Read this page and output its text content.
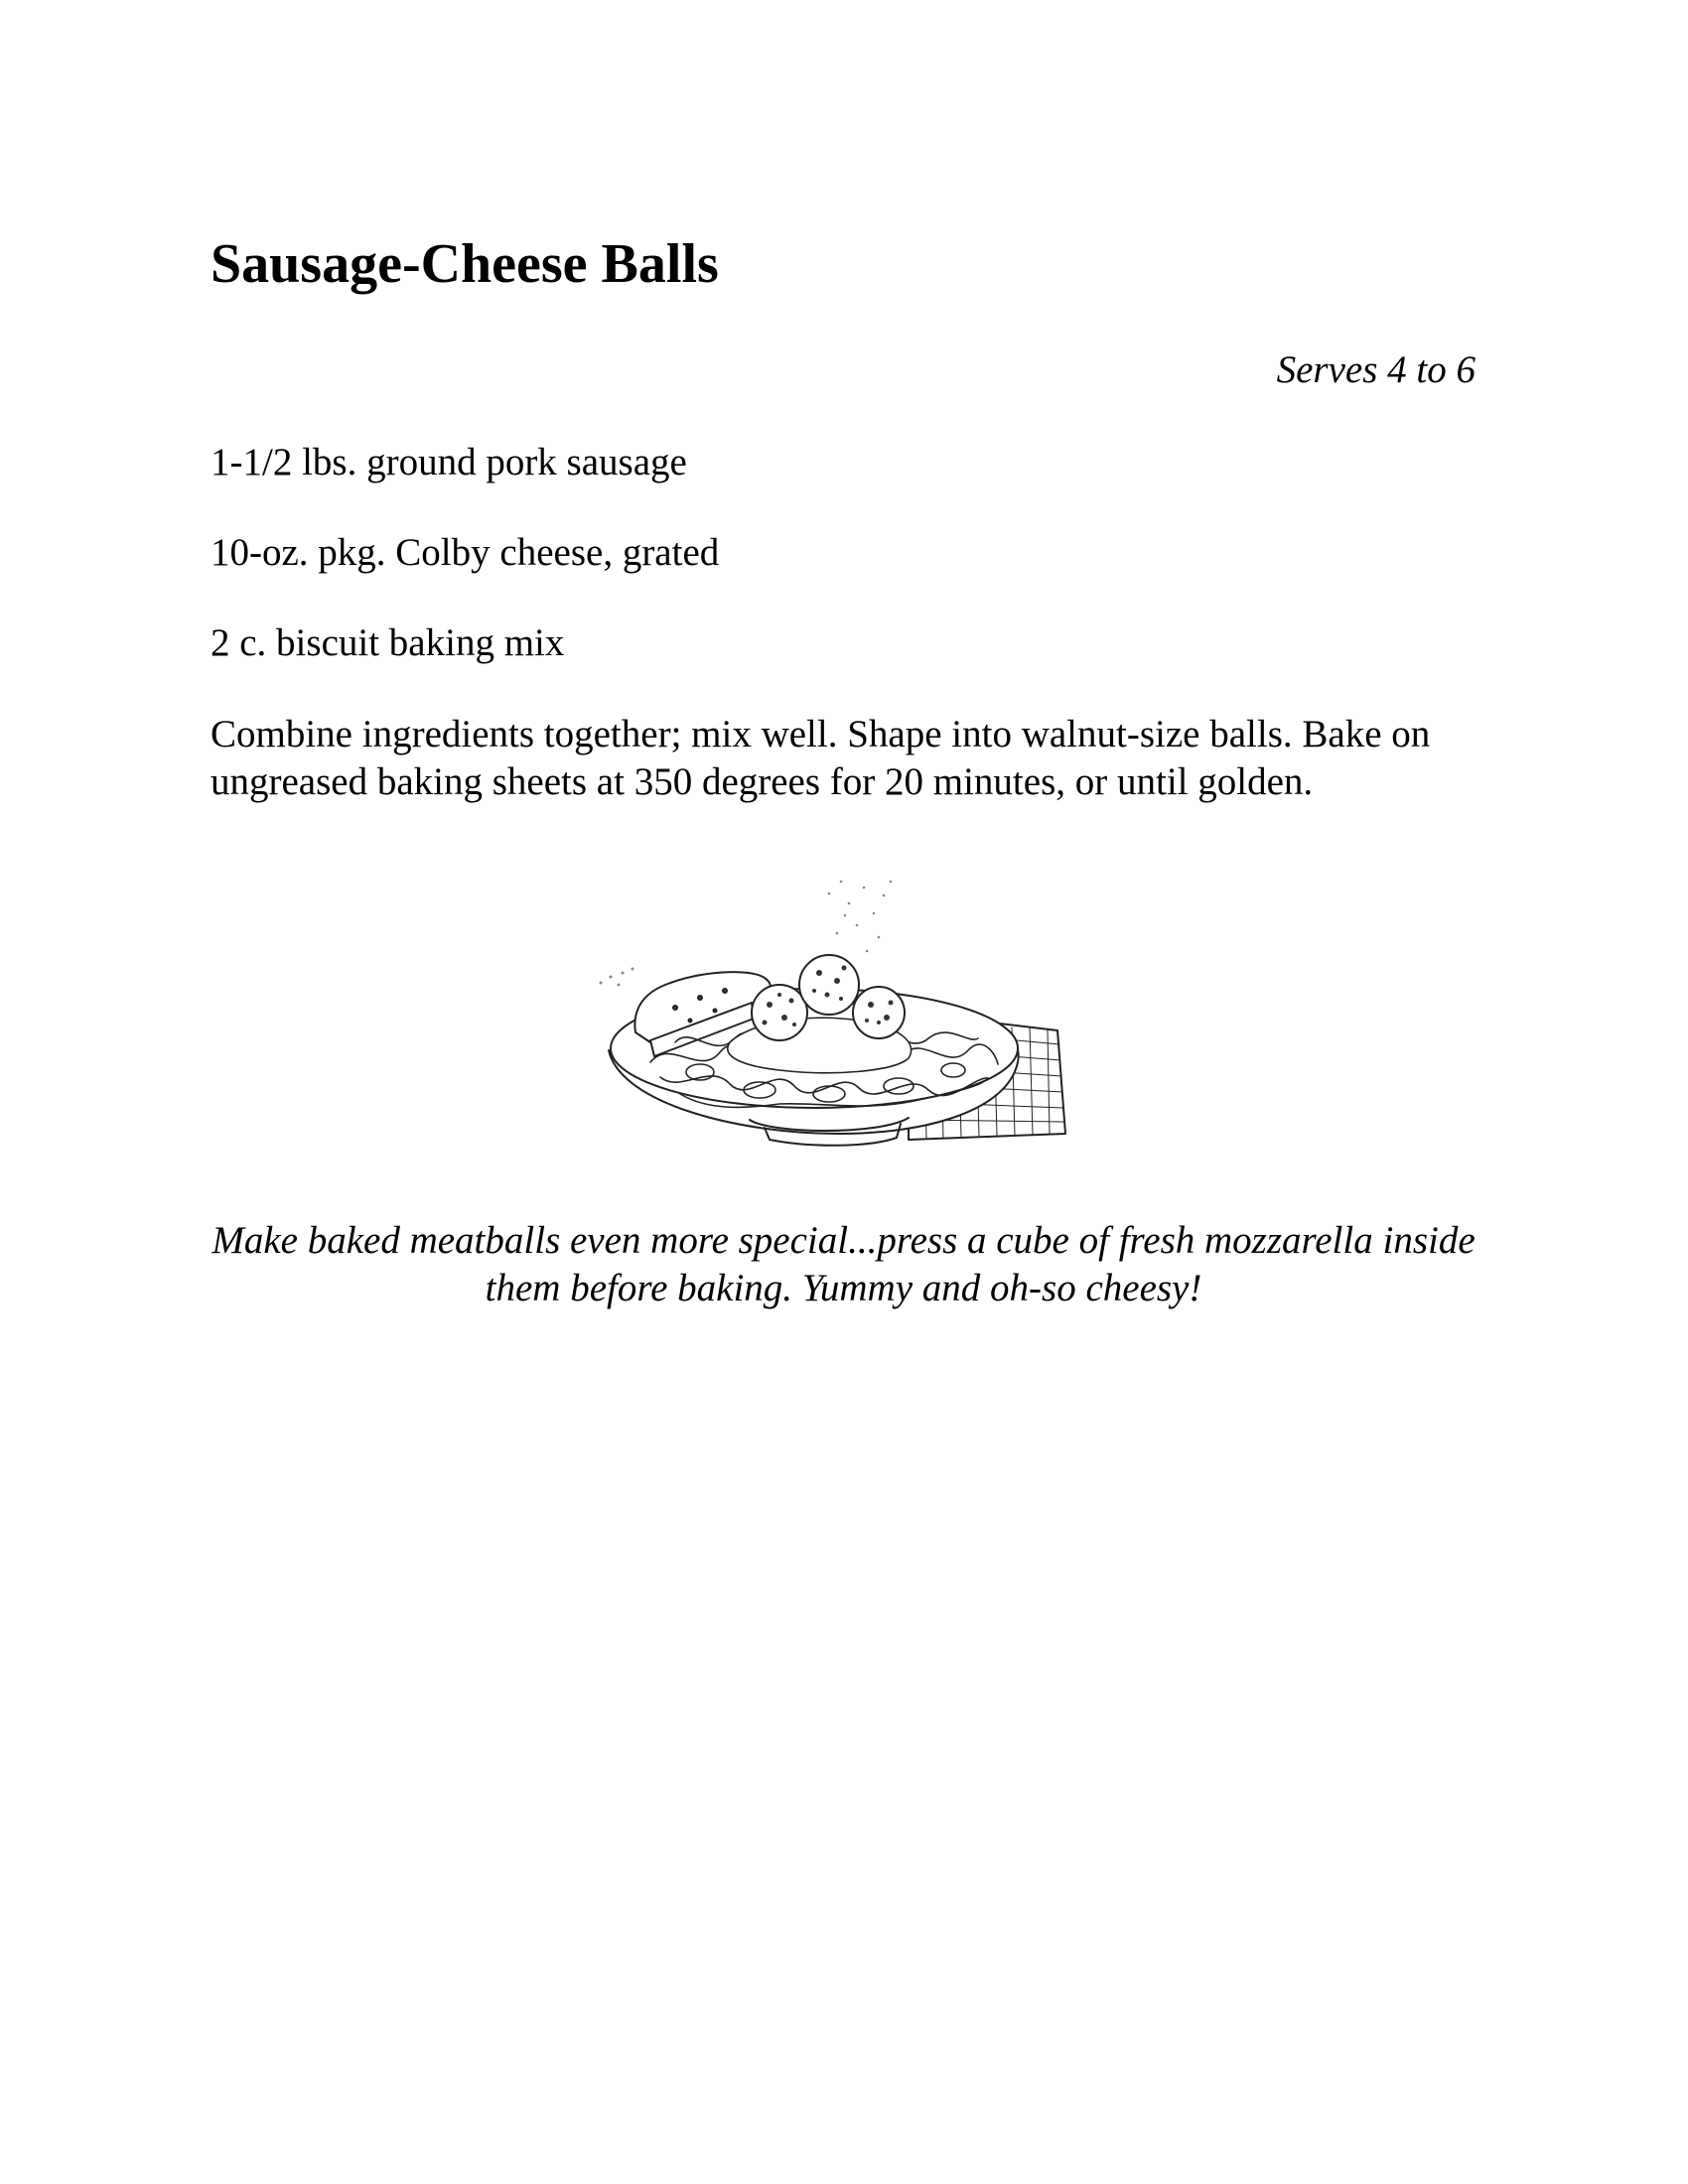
Sausage-Cheese Balls

Serves 4 to 6

1-1/2 lbs. ground pork sausage
10-oz. pkg. Colby cheese, grated
2 c. biscuit baking mix

Combine ingredients together; mix well. Shape into walnut-size balls. Bake on ungreased baking sheets at 350 degrees for 20 minutes, or until golden.

Make baked meatballs even more special...press a cube of fresh mozzarella inside them before baking. Yummy and oh-so cheesy!
